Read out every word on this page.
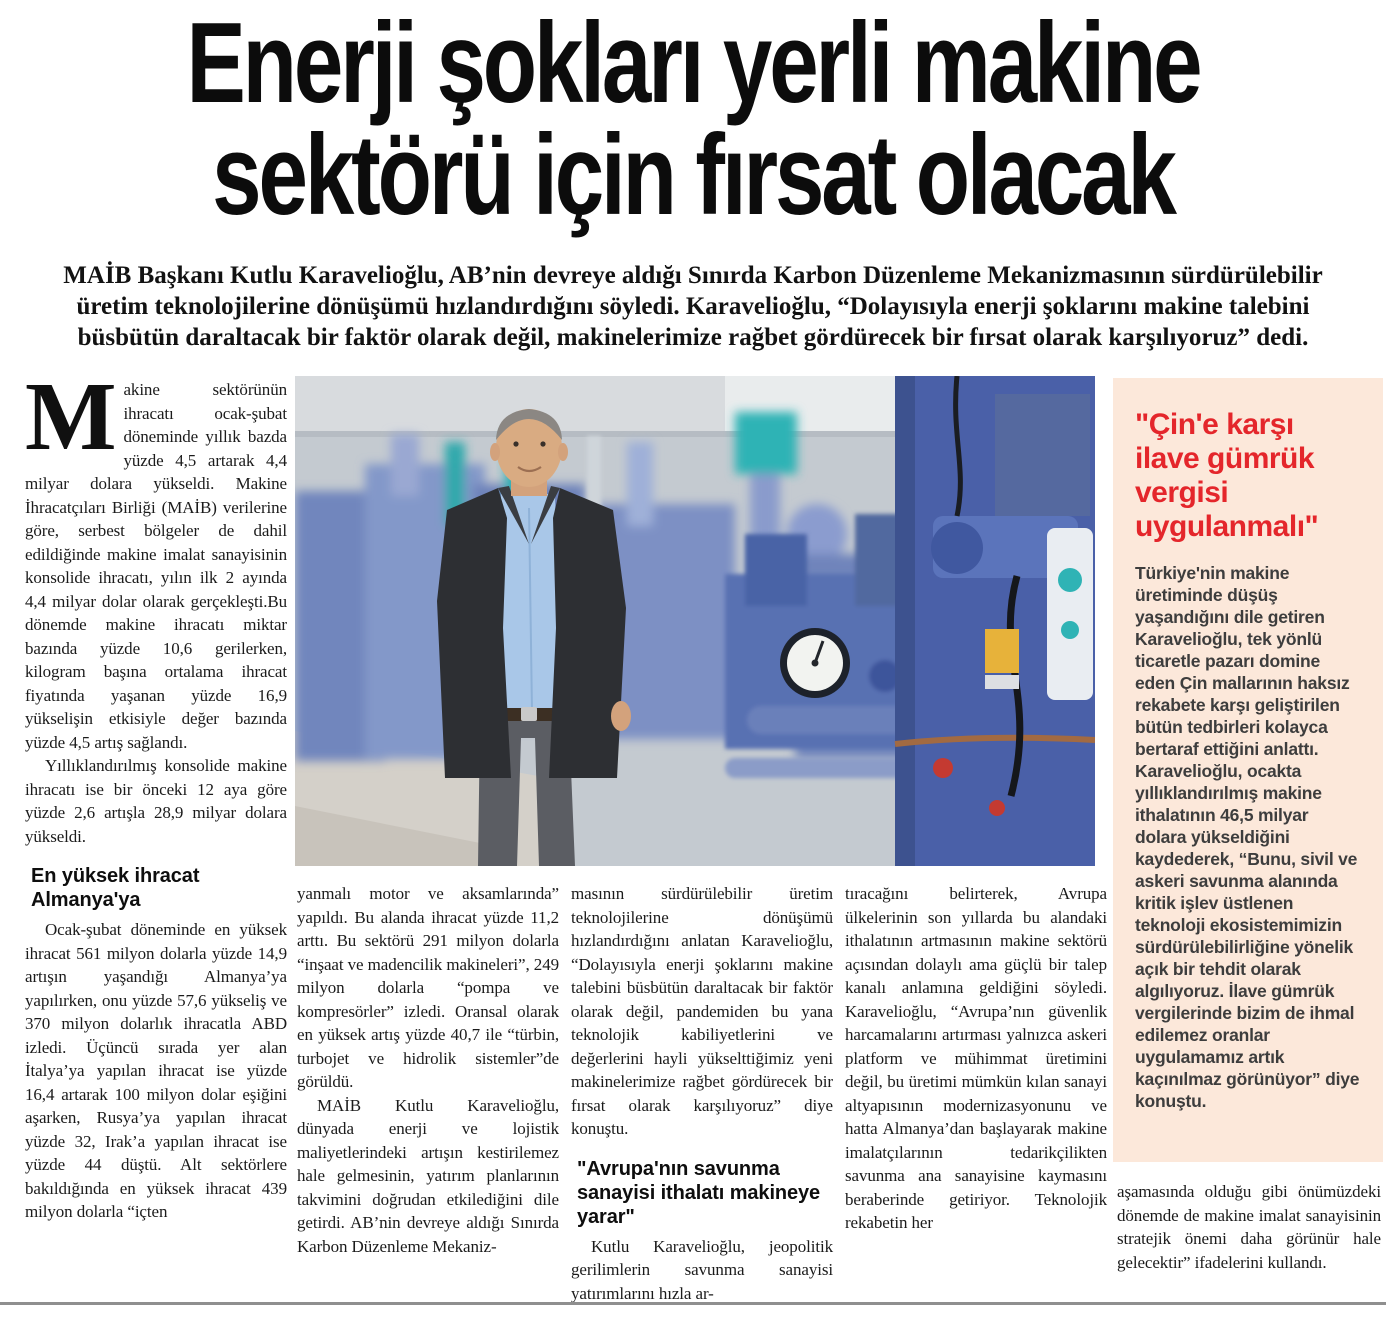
Enerji şokları yerli makine
sektörü için fırsat olacak
MAİB Başkanı Kutlu Karavelioğlu, AB’nin devreye aldığı Sınırda Karbon Düzenleme Mekanizmasının sürdürülebilir üretim teknolojilerine dönüşümü hızlandırdığını söyledi. Karavelioğlu, “Dolayısıyla enerji şoklarını makine talebini büsbütün daraltacak bir faktör olarak değil, makinelerimize rağbet gördürecek bir fırsat olarak karşılıyoruz” dedi.

Makine sektörünün ihracatı ocak-şubat döneminde yıllık bazda yüzde 4,5 artarak 4,4 milyar dolara yükseldi. Makine İhracatçıları Birliği (MAİB) verilerine göre, serbest bölgeler de dahil edildiğinde makine imalat sanayisinin konsolide ihracatı, yılın ilk 2 ayında 4,4 milyar dolar olarak gerçekleşti.Bu dönemde makine ihracatı miktar bazında yüzde 10,6 gerilerken, kilogram başına ortalama ihracat fiyatında yaşanan yüzde 16,9 yükselişin etkisiyle değer bazında yüzde 4,5 artış sağlandı.

Yıllıklandırılmış konsolide makine ihracatı ise bir önceki 12 aya göre yüzde 2,6 artışla 28,9 milyar dolara yükseldi.

En yüksek ihracat Almanya'ya

Ocak-şubat döneminde en yüksek ihracat 561 milyon dolarla yüzde 14,9 artışın yaşandığı Almanya’ya yapılırken, onu yüzde 57,6 yükseliş ve 370 milyon dolarlık ihracatla ABD izledi. Üçüncü sırada yer alan İtalya’ya yapılan ihracat ise yüzde 16,4 artarak 100 milyon dolar eşiğini aşarken, Rusya’ya yapılan ihracat yüzde 32, Irak’a yapılan ihracat ise yüzde 44 düştü. Alt sektörlere bakıldığında en yüksek ihracat 439 milyon dolarla “içten

"Çin'e karşı ilave gümrük vergisi uygulanmalı"
Türkiye'nin makine üretiminde düşüş yaşandığını dile getiren Karavelioğlu, tek yönlü ticaretle pazarı domine eden Çin mallarının haksız rekabete karşı geliştirilen bütün tedbirleri kolayca bertaraf ettiğini anlattı. Karavelioğlu, ocakta yıllıklandırılmış makine ithalatının 46,5 milyar dolara yükseldiğini kaydederek, “Bunu, sivil ve askeri savunma alanında kritik işlev üstlenen teknoloji ekosistemimizin sürdürülebilirliğine yönelik açık bir tehdit olarak algılıyoruz. İlave gümrük vergilerinde bizim de ihmal edilemez oranlar uygulamamız artık kaçınılmaz görünüyor” diye konuştu.

yanmalı motor ve aksamlarında” yapıldı. Bu alanda ihracat yüzde 11,2 arttı. Bu sektörü 291 milyon dolarla “inşaat ve madencilik makineleri”, 249 milyon dolarla “pompa ve kompresörler” izledi. Oransal olarak en yüksek artış yüzde 40,7 ile “türbin, turbojet ve hidrolik sistemler”de görüldü.

MAİB Kutlu Karavelioğlu, dünyada enerji ve lojistik maliyetlerindeki artışın kestirilemez hale gelmesinin, yatırım planlarının takvimini doğrudan etkilediğini dile getirdi. AB’nin devreye aldığı Sınırda Karbon Düzenleme Mekaniz-

masının sürdürülebilir üretim teknolojilerine dönüşümü hızlandırdığını anlatan Karavelioğlu, “Dolayısıyla enerji şoklarını makine talebini büsbütün daraltacak bir faktör olarak değil, pandemiden bu yana teknolojik kabiliyetlerini ve değerlerini hayli yükselttiğimiz yeni makinelerimize rağbet gördürecek bir fırsat olarak karşılıyoruz” diye konuştu.

"Avrupa'nın savunma sanayisi ithalatı makineye yarar"

Kutlu Karavelioğlu, jeopolitik gerilimlerin savunma sanayisi yatırımlarını hızla ar-

tıracağını belirterek, Avrupa ülkelerinin son yıllarda bu alandaki ithalatının artmasının makine sektörü açısından dolaylı ama güçlü bir talep kanalı anlamına geldiğini söyledi. Karavelioğlu, “Avrupa’nın güvenlik harcamalarını artırması yalnızca askeri platform ve mühimmat üretimini değil, bu üretimi mümkün kılan sanayi altyapısının modernizasyonunu ve hatta Almanya’dan başlayarak makine imalatçılarının tedarikçilikten savunma ana sanayisine kaymasını beraberinde getiriyor. Teknolojik rekabetin her

aşamasında olduğu gibi önümüzdeki dönemde de makine imalat sanayisinin stratejik önemi daha görünür hale gelecektir” ifadelerini kullandı.
